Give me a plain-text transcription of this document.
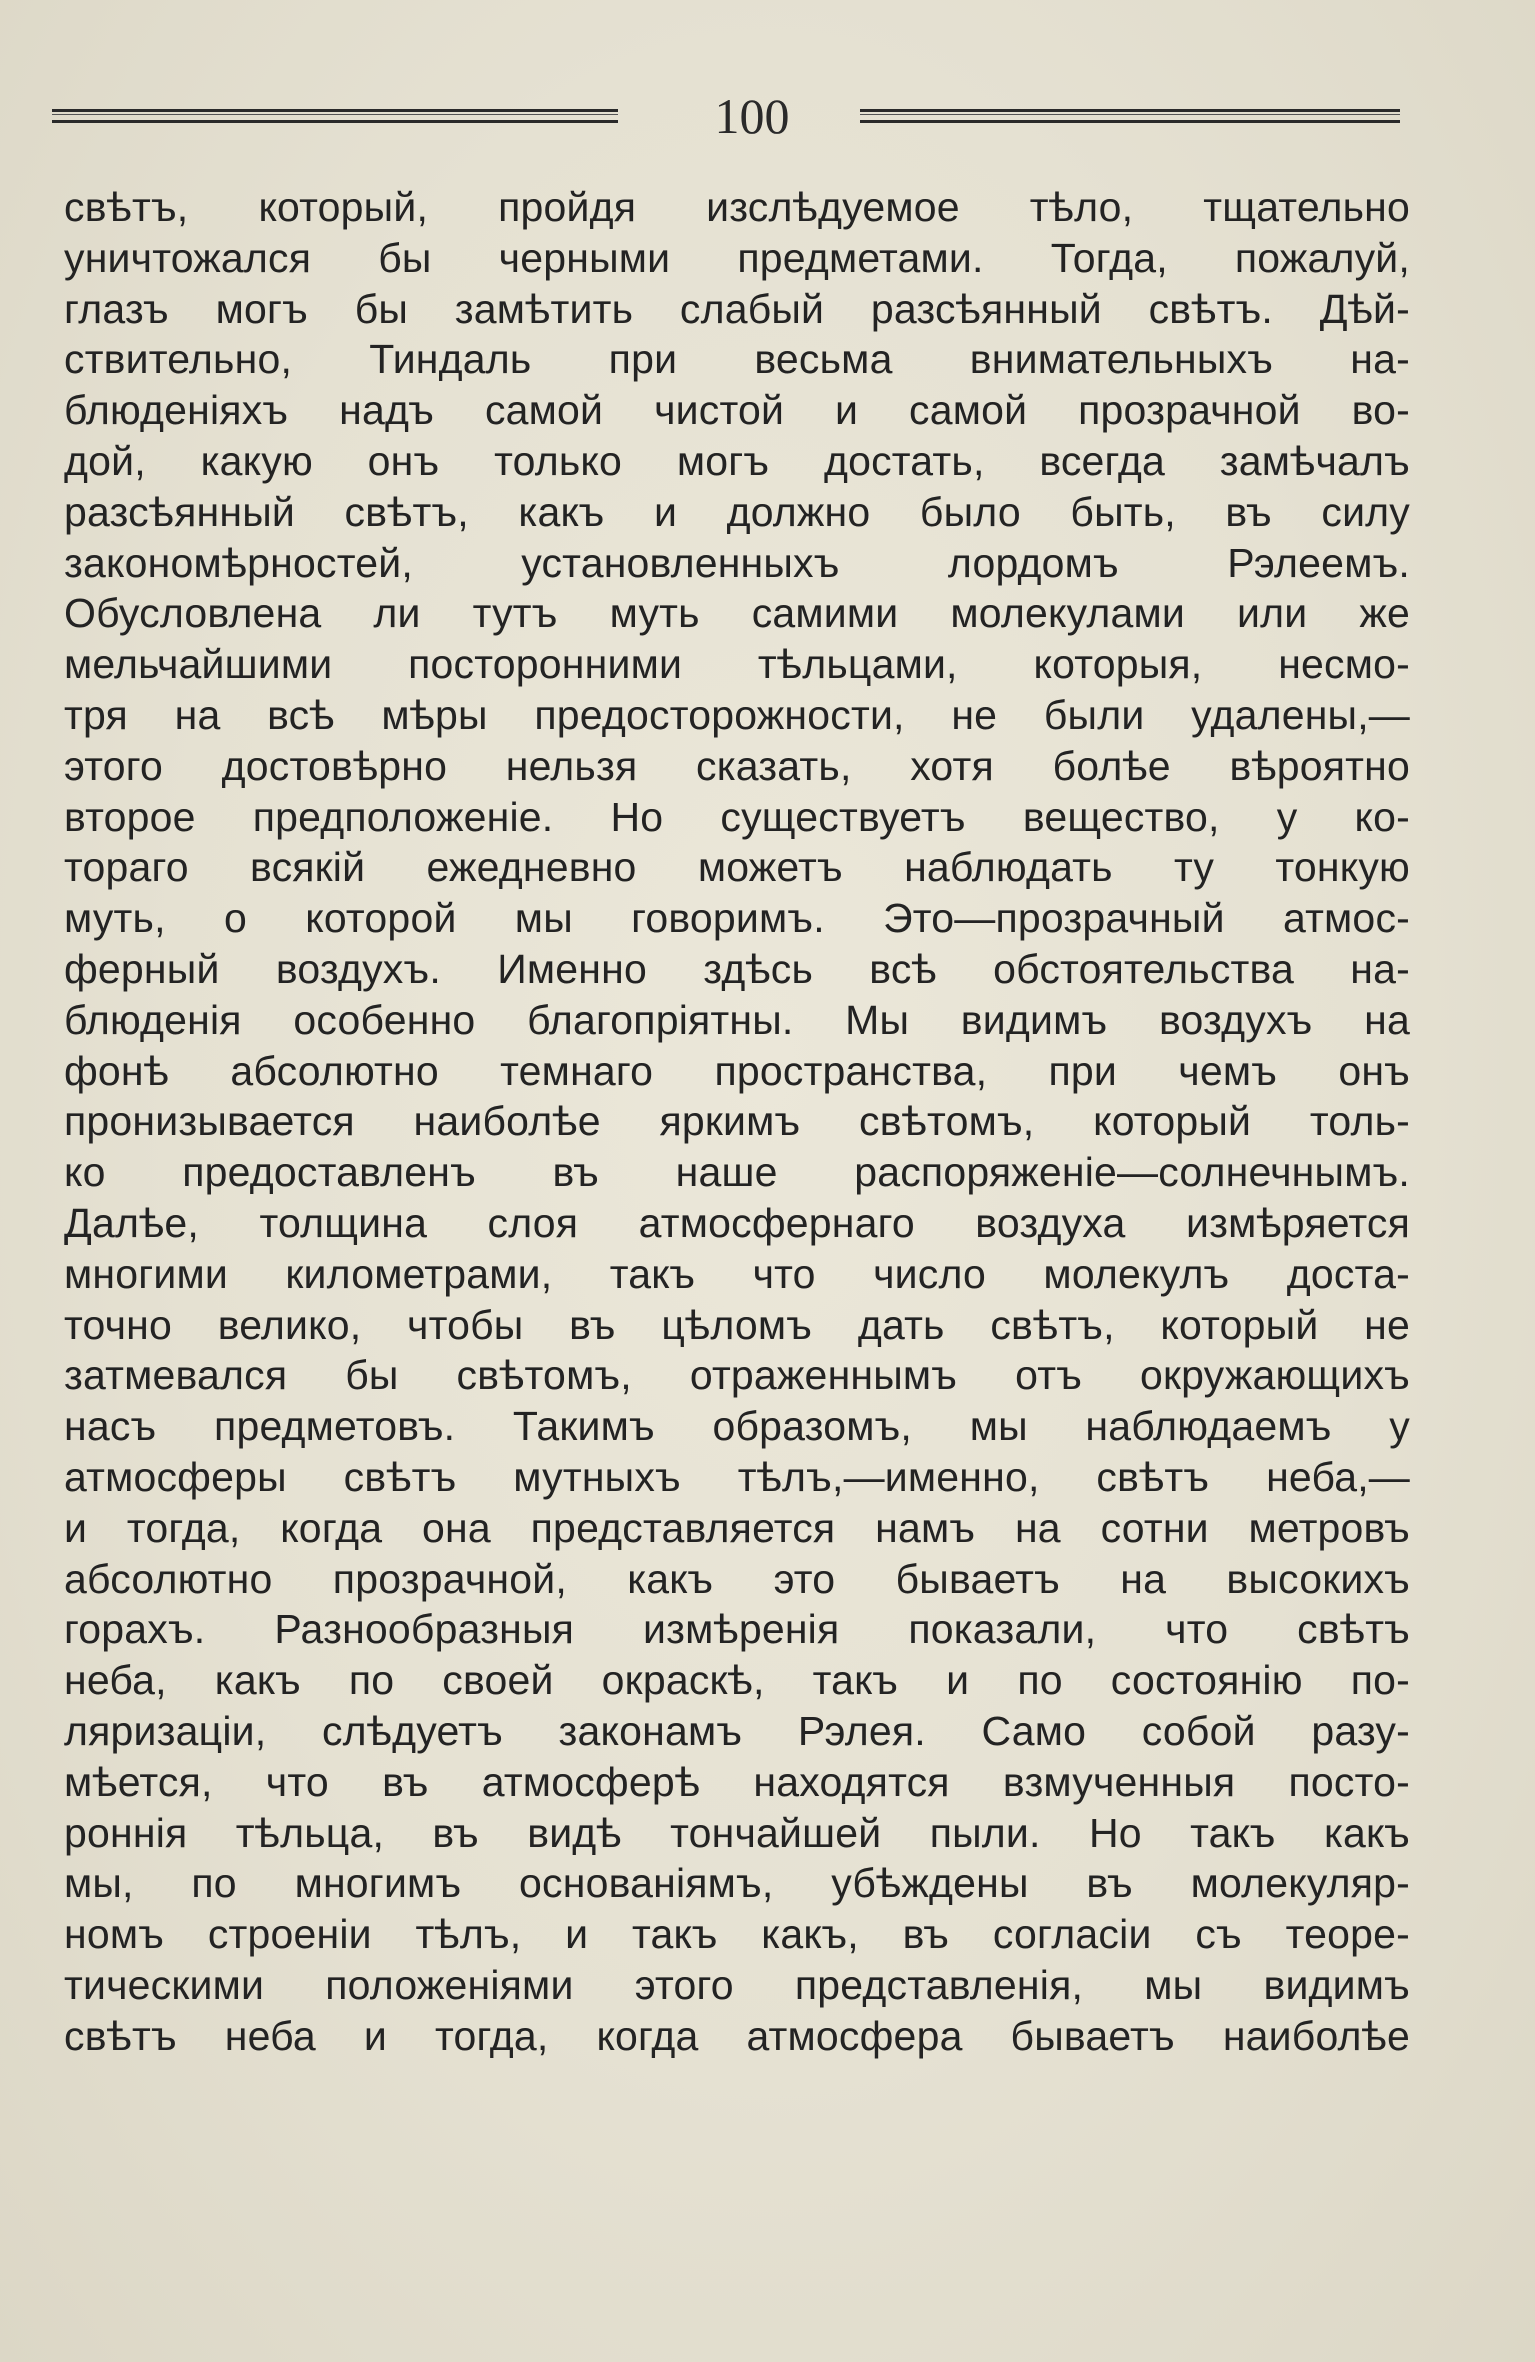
100
свѣтъ, который, пройдя изслѣдуемое тѣло, тщательно
уничтожался бы черными предметами. Тогда, пожалуй,
глазъ могъ бы замѣтить слабый разсѣянный свѣтъ. Дѣй-
ствительно, Тиндаль при весьма внимательныхъ на-
блюденіяхъ надъ самой чистой и самой прозрачной во-
дой, какую онъ только могъ достать, всегда замѣчалъ
разсѣянный свѣтъ, какъ и должно было быть, въ силу
закономѣрностей, установленныхъ лордомъ Рэлеемъ.
Обусловлена ли тутъ муть самими молекулами или же
мельчайшими посторонними тѣльцами, которыя, несмо-
тря на всѣ мѣры предосторожности, не были удалены,—
этого достовѣрно нельзя сказать, хотя болѣе вѣроятно
второе предположеніе. Но существуетъ вещество, у ко-
тораго всякій ежедневно можетъ наблюдать ту тонкую
муть, о которой мы говоримъ. Это—прозрачный атмос-
ферный воздухъ. Именно здѣсь всѣ обстоятельства на-
блюденія особенно благопріятны. Мы видимъ воздухъ на
фонѣ абсолютно темнаго пространства, при чемъ онъ
пронизывается наиболѣе яркимъ свѣтомъ, который толь-
ко предоставленъ въ наше распоряженіе—солнечнымъ.
Далѣе, толщина слоя атмосфернаго воздуха измѣряется
многими километрами, такъ что число молекулъ доста-
точно велико, чтобы въ цѣломъ дать свѣтъ, который не
затмевался бы свѣтомъ, отраженнымъ отъ окружающихъ
насъ предметовъ. Такимъ образомъ, мы наблюдаемъ у
атмосферы свѣтъ мутныхъ тѣлъ,—именно, свѣтъ неба,—
и тогда, когда она представляется намъ на сотни метровъ
абсолютно прозрачной, какъ это бываетъ на высокихъ
горахъ. Разнообразныя измѣренія показали, что свѣтъ
неба, какъ по своей окраскѣ, такъ и по состоянію по-
ляризаціи, слѣдуетъ законамъ Рэлея. Само собой разу-
мѣется, что въ атмосферѣ находятся взмученныя посто-
роннія тѣльца, въ видѣ тончайшей пыли. Но такъ какъ
мы, по многимъ основаніямъ, убѣждены въ молекуляр-
номъ строеніи тѣлъ, и такъ какъ, въ согласіи съ теоре-
тическими положеніями этого представленія, мы видимъ
свѣтъ неба и тогда, когда атмосфера бываетъ наиболѣе
